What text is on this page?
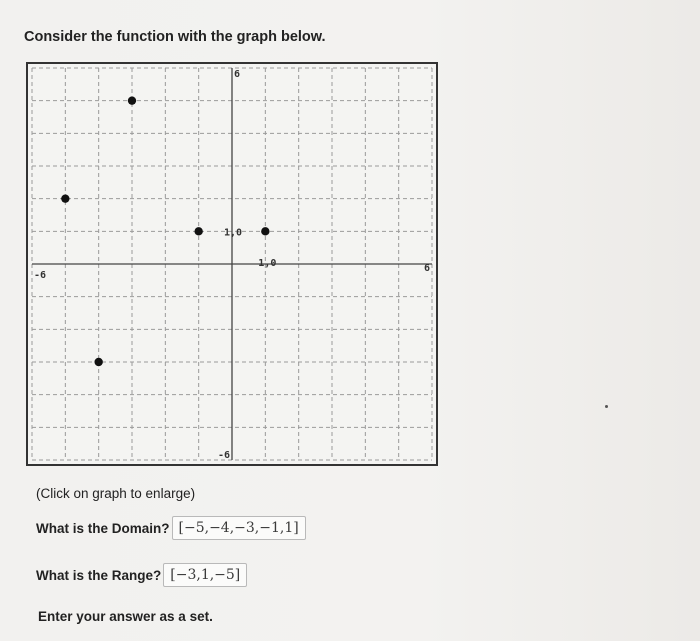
Consider the function with the graph below.
-6
6
6
-6
1,0
1,0
(Click on graph to enlarge)
What is the Domain? [−5,−4,−3,−1,1]
What is the Range? [−3,1,−5]
Enter your answer as a set.
